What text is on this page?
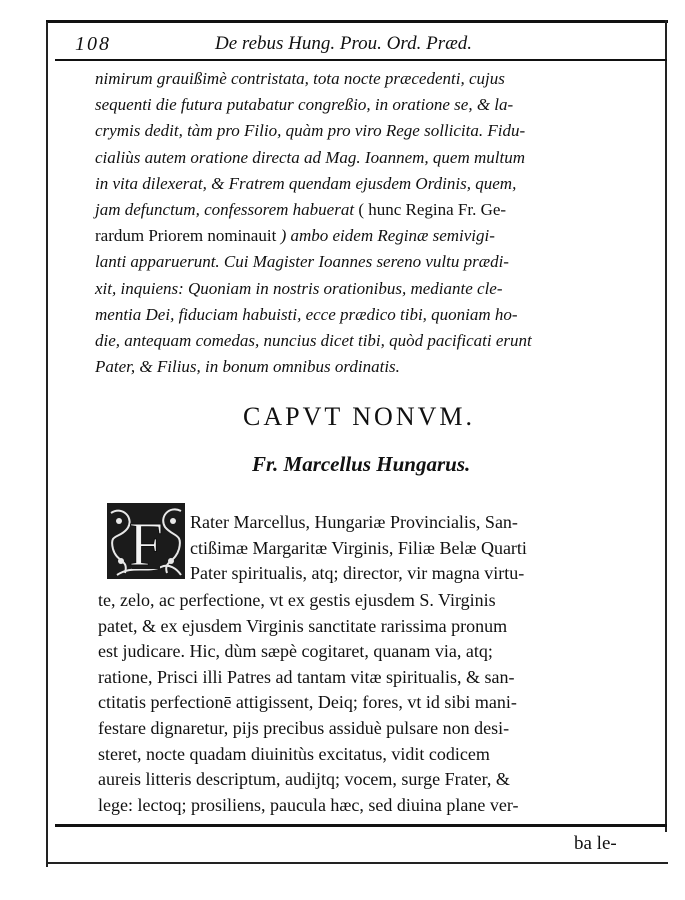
108	De rebus Hung. Prou. Ord. Præd.
nimirum grauißimè contristata, tota nocte præcedenti, cujus
sequenti die futura putabatur congreßio, in oratione se, & la-
crymis dedit, tàm pro Filio, quàm pro viro Rege sollicita. Fidu-
cialiùs autem oratione directa ad Mag. Ioannem, quem multum
in vita dilexerat, & Fratrem quendam ejusdem Ordinis, quem,
jam defunctum, confessorem habuerat ( hunc Regina Fr. Ge-
rardum Priorem nominauit ) ambo eidem Reginæ semivigi-
lanti apparuerunt. Cui Magister Ioannes sereno vultu prædi-
xit, inquiens: Quoniam in nostris orationibus, mediante cle-
mentia Dei, fiduciam habuisti, ecce prædico tibi, quoniam ho-
die, antequam comedas, nuncius dicet tibi, quòd pacificati erunt
Pater, & Filius, in bonum omnibus ordinatis.
CAPVT NONVM.
Fr. Marcellus Hungarus.
F Rater Marcellus, Hungariæ Provincialis, San-
ctißimæ Margaritæ Virginis, Filiæ Belæ Quarti
Pater spiritualis, atq; director, vir magna virtu-
te, zelo, ac perfectione, vt ex gestis ejusdem S. Virginis
patet, & ex ejusdem Virginis sanctitate rarissima pronum
est judicare. Hic, dùm sæpè cogitaret, quanam via, atq;
ratione, Prisci illi Patres ad tantam vitæ spiritualis, & san-
ctitatis perfectionē attigissent, Deiq; fores, vt id sibi mani-
festare dignaretur, pijs precibus assiduè pulsare non desi-
steret, nocte quadam diuinitùs excitatus, vidit codicem
aureis litteris descriptum, audijtq; vocem, surge Frater, &
lege: lectoq; prosiliens, paucula hæc, sed diuina plane ver-
ba le-
